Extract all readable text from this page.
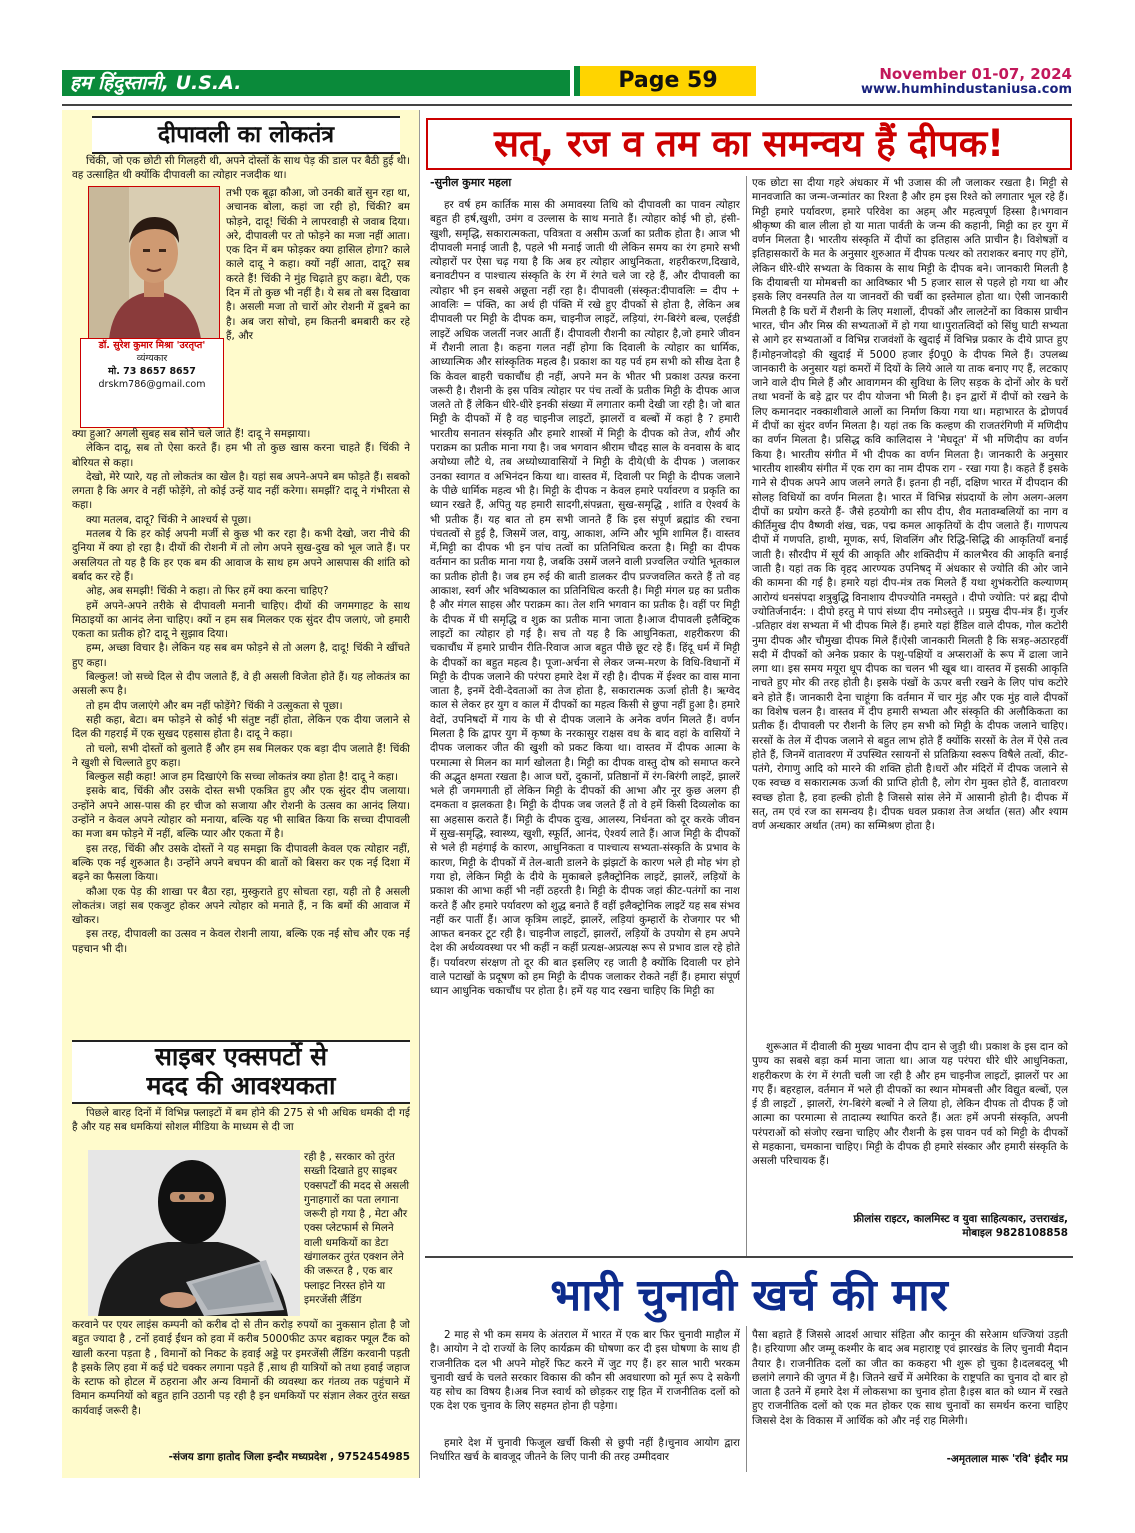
हम हिंदुस्तानी, U.S.A.	Page 59	November 01-07, 2024
www.humhindustaniusa.com
दीपावली का लोकतंत्र

चिंकी, जो एक छोटी सी गिलहरी थी, अपने दोस्तों के साथ पेड़ की डाल पर बैठी हुई थी। वह उत्साहित थी क्योंकि दीपावली का त्योहार नजदीक था।

तभी एक बूढ़ा कौआ, जो उनकी बातें सुन रहा था, अचानक बोला, कहां जा रही हो, चिंकी? बम फोड़ने, दादू! चिंकी ने लापरवाही से जवाब दिया। अरे, दीपावली पर तो फोड़ने का मजा नहीं आता। एक दिन में बम फोड़कर क्या हासिल होगा? काले काले दादू ने कहा। क्यों नहीं आता, दादू? सब करते हैं! चिंकी ने मुंह चिढ़ाते हुए कहा। बेटी, एक दिन में तो कुछ भी नहीं है। ये सब तो बस दिखावा है। असली मजा तो चारों ओर रोशनी में डूबने का है। अब जरा सोचो, हम कितनी बमबारी कर रहे हैं, और

डॉ. सुरेश कुमार मिश्रा 'उरतृप्त'
व्यंग्यकार
मो. 73 8657 8657
drskm786@gmail.com

क्या हुआ? अगली सुबह सब सोने चले जाते हैं! दादू ने समझाया।

लेकिन दादू, सब तो ऐसा करते हैं। हम भी तो कुछ खास करना चाहते हैं। चिंकी ने बोरियत से कहा।

देखो, मेरे प्यारे, यह तो लोकतंत्र का खेल है। यहां सब अपने-अपने बम फोड़ते हैं। सबको लगता है कि अगर वे नहीं फोड़ेंगे, तो कोई उन्हें याद नहीं करेगा। समझीं? दादू ने गंभीरता से कहा।

क्या मतलब, दादू? चिंकी ने आश्चर्य से पूछा।

मतलब ये कि हर कोई अपनी मर्जी से कुछ भी कर रहा है। कभी देखो, जरा नीचे की दुनिया में क्या हो रहा है। दीयों की रोशनी में तो लोग अपने सुख-दुख को भूल जाते हैं। पर असलियत तो यह है कि हर एक बम की आवाज के साथ हम अपने आसपास की शांति को बर्बाद कर रहे हैं।

ओह, अब समझी! चिंकी ने कहा। तो फिर हमें क्या करना चाहिए?

हमें अपने-अपने तरीके से दीपावली मनानी चाहिए। दीयों की जगमगाहट के साथ मिठाइयों का आनंद लेना चाहिए। क्यों न हम सब मिलकर एक सुंदर दीप जलाएं, जो हमारी एकता का प्रतीक हो? दादू ने सुझाव दिया।

हम्म, अच्छा विचार है। लेकिन यह सब बम फोड़ने से तो अलग है, दादू! चिंकी ने खींचते हुए कहा।

बिल्कुल! जो सच्चे दिल से दीप जलाते हैं, वे ही असली विजेता होते हैं। यह लोकतंत्र का असली रूप है।

तो हम दीप जलाएंगे और बम नहीं फोड़ेंगे? चिंकी ने उत्सुकता से पूछा।

सही कहा, बेटा। बम फोड़ने से कोई भी संतुष्ट नहीं होता, लेकिन एक दीया जलाने से दिल की गहराई में एक सुखद एहसास होता है। दादू ने कहा।

तो चलो, सभी दोस्तों को बुलाते हैं और हम सब मिलकर एक बड़ा दीप जलाते हैं! चिंकी ने खुशी से चिल्लाते हुए कहा।

बिल्कुल सही कहा! आज हम दिखाएंगे कि सच्चा लोकतंत्र क्या होता है! दादू ने कहा।

इसके बाद, चिंकी और उसके दोस्त सभी एकत्रित हुए और एक सुंदर दीप जलाया। उन्होंने अपने आस-पास की हर चीज को सजाया और रोशनी के उत्सव का आनंद लिया। उन्होंने न केवल अपने त्योहार को मनाया, बल्कि यह भी साबित किया कि सच्चा दीपावली का मजा बम फोड़ने में नहीं, बल्कि प्यार और एकता में है।

इस तरह, चिंकी और उसके दोस्तों ने यह समझा कि दीपावली केवल एक त्योहार नहीं, बल्कि एक नई शुरुआत है। उन्होंने अपने बचपन की बातों को बिसरा कर एक नई दिशा में बढ़ने का फैसला किया।

कौआ एक पेड़ की शाखा पर बैठा रहा, मुस्कुराते हुए सोचता रहा, यही तो है असली लोकतंत्र। जहां सब एकजुट होकर अपने त्योहार को मनाते हैं, न कि बमों की आवाज में खोकर।

इस तरह, दीपावली का उत्सव न केवल रोशनी लाया, बल्कि एक नई सोच और एक नई पहचान भी दी।

साइबर एक्सपर्टो से
मदद की आवश्यकता

पिछले बारह दिनों में विभिन्न फ्लाइटों में बम होने की 275 से भी अधिक धमकी दी गई है और यह सब धमकियां सोशल मीडिया के माध्यम से दी जा

रही है , सरकार को तुरंत सख्ती दिखाते हुए साइबर एक्सपर्टों की मदद से असली गुनाहगारों का पता लगाना जरूरी हो गया है , मेटा और एक्स प्लेटफार्म से मिलने वाली धमकियों का डेटा खंगालकर तुरंत एक्शन लेने की जरूरत है , एक बार फ्लाइट निरस्त होने या इमरजेंसी लैंडिंग

करवाने पर एयर लाइंस कम्पनी को करीब दो से तीन करोड़ रुपयों का नुकसान होता है जो बहुत ज्यादा है , टनों हवाई ईंधन को हवा में करीब 5000फीट ऊपर बहाकर फ्यूल टैंक को खाली करना पड़ता है , विमानों को निकट के हवाई अड्डे पर इमरजेंसी लैंडिंग करवानी पड़ती है इसके लिए हवा में कई घंटे चक्कर लगाना पड़ते हैं ,साथ ही यात्रियों को तथा हवाई जहाज के स्टाफ को होटल में ठहराना और अन्य विमानों की व्यवस्था कर गंतव्य तक पहुंचाने में विमान कम्पनियों को बहुत हानि उठानी पड़ रही है इन धमकियों पर संज्ञान लेकर तुरंत सख्त कार्यवाई जरूरी है।

-संजय डागा हातोद जिला इन्दौर मध्यप्रदेश , 9752454985
सत्, रज व तम का समन्वय हैं दीपक!
-सुनील कुमार महला

हर वर्ष हम कार्तिक मास की अमावस्या तिथि को दीपावली का पावन त्योहार बहुत ही हर्ष,खुशी, उमंग व उल्लास के साथ मनाते हैं। त्योहार कोई भी हो, हंसी-खुशी, समृद्धि, सकारात्मकता, पवित्रता व असीम ऊर्जा का प्रतीक होता है। आज भी दीपावली मनाई जाती है, पहले भी मनाई जाती थी लेकिन समय का रंग हमारे सभी त्योहारों पर ऐसा चढ़ गया है कि अब हर त्योहार आधुनिकता, शहरीकरण,दिखावे, बनावटीपन व पाश्चात्य संस्कृति के रंग में रंगते चले जा रहे हैं, और दीपावली का त्योहार भी इन सबसे अछूता नहीं रहा है। दीपावली (संस्कृत:दीपावलिः = दीप + आवलिः = पंक्ति, का अर्थ ही पंक्ति में रखे हुए दीपकों से होता है, लेकिन अब दीपावली पर मिट्टी के दीपक कम, चाइनीज लाइटें, लड़ियां, रंग-बिरंगे बल्ब, एलईडी लाइटें अधिक जलतीं नजर आतीं हैं। दीपावली रौशनी का त्योहार है,जो हमारे जीवन में रौशनी लाता है। कहना गलत नहीं होगा कि दिवाली के त्योहार का धार्मिक, आध्यात्मिक और सांस्कृतिक महत्व है। प्रकाश का यह पर्व हम सभी को सीख देता है कि केवल बाहरी चकाचौंध ही नहीं, अपने मन के भीतर भी प्रकाश उत्पन्न करना जरूरी है। रौशनी के इस पवित्र त्योहार पर पंच तत्वों के प्रतीक मिट्टी के दीपक आज जलते तो हैं लेकिन धीरे-धीरे इनकी संख्या में लगातार कमी देखी जा रही है। जो बात मिट्टी के दीपकों में है वह चाइनीज लाइटों, झालरों व बल्बों में कहां है ? हमारी भारतीय सनातन संस्कृति और हमारे शास्त्रों में मिट्टी के दीपक को तेज, शौर्य और पराक्रम का प्रतीक माना गया है। जब भगवान श्रीराम चौदह साल के वनवास के बाद अयोध्या लौटे थे, तब अध्योध्यावासियों ने मिट्टी के दीये(घी के दीपक ) जलाकर उनका स्वागत व अभिनंदन किया था। वास्तव में, दिवाली पर मिट्टी के दीपक जलाने के पीछे धार्मिक महत्व भी है। मिट्टी के दीपक न केवल हमारे पर्यावरण व प्रकृति का ध्यान रखते हैं, अपितु यह हमारी सादगी,संपन्नता, सुख-समृद्धि , शांति व ऐश्वर्य के भी प्रतीक हैं। यह बात तो हम सभी जानते हैं कि इस संपूर्ण ब्रह्मांड की रचना पंचतत्वों से हुई है, जिसमें जल, वायु, आकाश, अग्नि और भूमि शामिल हैं। वास्तव में,मिट्टी का दीपक भी इन पांच तत्वों का प्रतिनिधित्व करता है। मिट्टी का दीपक वर्तमान का प्रतीक माना गया है, जबकि उसमें जलने वाली प्रज्वलित ज्योति भूतकाल का प्रतीक होती है। जब हम रुई की बाती डालकर दीप प्रज्जवलित करते हैं तो वह आकाश, स्वर्ग और भविष्यकाल का प्रतिनिधित्व करती है। मिट्टी मंगल ग्रह का प्रतीक है और मंगल साहस और पराक्रम का। तेल शनि भगवान का प्रतीक है। वहीं पर मिट्टी के दीपक में घी समृद्धि व शुक्र का प्रतीक माना जाता है।आज दीपावली इलैक्ट्रिक लाइटों का त्योहार हो गई है। सच तो यह है कि आधुनिकता, शहरीकरण की चकाचौंध में हमारे प्राचीन रीति-रिवाज आज बहुत पीछे छूट रहे हैं। हिंदू धर्म में मिट्टी के दीपकों का बहुत महत्व है। पूजा-अर्चना से लेकर जन्म-मरण के विधि-विधानों में मिट्टी के दीपक जलाने की परंपरा हमारे देश में रही है। दीपक में ईश्वर का वास माना जाता है, इनमें देवी-देवताओं का तेज होता है, सकारात्मक ऊर्जा होती है। ऋग्वेद काल से लेकर हर युग व काल में दीपकों का महत्व किसी से छुपा नहीं हुआ है। हमारे वेदों, उपनिषदों में गाय के घी से दीपक जलाने के अनेक वर्णन मिलते हैं। वर्णन मिलता है कि द्वापर युग में कृष्ण के नरकासुर राक्षस वध के बाद वहां के वासियों ने दीपक जलाकर जीत की खुशी को प्रकट किया था। वास्तव में दीपक आत्मा के परमात्मा से मिलन का मार्ग खोलता है। मिट्टी का दीपक वास्तु दोष को समाप्त करने की अद्भुत क्षमता रखता है। आज घरों, दुकानों, प्रतिष्ठानों में रंग-बिरंगी लाइटें, झालरें भले ही जगमगाती हों लेकिन मिट्टी के दीपकों की आभा और नूर कुछ अलग ही दमकता व झलकता है। मिट्टी के दीपक जब जलते हैं तो वे हमें किसी दिव्यलोक का सा अहसास कराते हैं। मिट्टी के दीपक दुःख, आलस्य, निर्धनता को दूर करके जीवन में सुख-समृद्धि, स्वास्थ्य, खुशी, स्फूर्ति, आनंद, ऐश्वर्य लाते हैं। आज मिट्टी के दीपकों से भले ही महंगाई के कारण, आधुनिकता व पाश्चात्य सभ्यता-संस्कृति के प्रभाव के कारण, मिट्टी के दीपकों में तेल-बाती डालने के झंझटों के कारण भले ही मोह भंग हो गया हो, लेकिन मिट्टी के दीये के मुकाबले इलैक्ट्रोनिक लाइटें, झालरें, लड़ियों के प्रकाश की आभा कहीं भी नहीं ठहरती है। मिट्टी के दीपक जहां कीट-पतंगों का नाश करते हैं और हमारे पर्यावरण को शुद्ध बनाते हैं वहीं इलैक्ट्रोनिक लाइटें यह सब संभव नहीं कर पातीं हैं। आज कृत्रिम लाइटें, झालरें, लड़ियां कुम्हारों के रोजगार पर भी आफत बनकर टूट रही है। चाइनीज लाइटों, झालरों, लड़ियों के उपयोग से हम अपने देश की अर्थव्यवस्था पर भी कहीं न कहीं प्रत्यक्ष-अप्रत्यक्ष रूप से प्रभाव डाल रहे होते हैं। पर्यावरण संरक्षण तो दूर की बात इसलिए रह जाती है क्योंकि दिवाली पर होने वाले पटाखों के प्रदूषण को हम मिट्टी के दीपक जलाकर रोकते नहीं हैं। हमारा संपूर्ण ध्यान आधुनिक चकाचौंध पर होता है। हमें यह याद रखना चाहिए कि मिट्टी का

एक छोटा सा दीया गहरे अंधकार में भी उजास की लौ जलाकर रखता है। मिट्टी से मानवजाति का जन्म-जन्मांतर का रिश्ता है और हम इस रिश्ते को लगातार भूल रहे हैं। मिट्टी हमारे पर्यावरण, हमारे परिवेश का अहम् और महत्वपूर्ण हिस्सा है।भगवान श्रीकृष्ण की बाल लीला हो या माता पार्वती के जन्म की कहानी, मिट्टी का हर युग में वर्णन मिलता है। भारतीय संस्कृति में दीपों का इतिहास अति प्राचीन है। विशेषज्ञों व इतिहासकारों के मत के अनुसार शुरुआत में दीपक पत्थर को तराशकर बनाए गए होंगे, लेकिन धीरे-धीरे सभ्यता के विकास के साथ मिट्टी के दीपक बने। जानकारी मिलती है कि दीयाबत्ती या मोमबत्ती का आविष्कार भी 5 हजार साल से पहले हो गया था और इसके लिए वनस्पति तेल या जानवरों की चर्बी का इस्तेमाल होता था। ऐसी जानकारी मिलती है कि घरों में रौशनी के लिए मशालों, दीपकों और लालटेनों का विकास प्राचीन भारत, चीन और मिस्र की सभ्यताओं में हो गया था।पुरातत्विदों को सिंधु घाटी सभ्यता से आगे हर सभ्यताओं व विभिन्न राजवंशों के खुदाई में विभिन्न प्रकार के दीये प्राप्त हुए हैं।मोहनजोदड़ो की खुदाई में 5000 हजार ई0पू0 के दीपक मिले हैं। उपलब्ध जानकारी के अनुसार यहां कमरों में दियों के लिये आले या ताक बनाए गए हैं, लटकाए जाने वाले दीप मिले हैं और आवागमन की सुविधा के लिए सड़क के दोनों ओर के घरों तथा भवनों के बड़े द्वार पर दीप योजना भी मिली है। इन द्वारों में दीपों को रखने के लिए कमानदार नक्काशीवाले आलों का निर्माण किया गया था। महाभारत के द्रोणपर्व में दीपों का सुंदर वर्णन मिलता है। यहां तक कि कल्हण की राजतरंगिणी में मणिदीप का वर्णन मिलता है। प्रसिद्ध कवि कालिदास ने 'मेघदूत' में भी मणिदीप का वर्णन किया है। भारतीय संगीत में भी दीपक का वर्णन मिलता है। जानकारी के अनुसार भारतीय शास्त्रीय संगीत में एक राग का नाम दीपक राग - रखा गया है। कहते हैं इसके गाने से दीपक अपने आप जलने लगते हैं। इतना ही नहीं, दक्षिण भारत में दीपदान की सोलह विधियों का वर्णन मिलता है। भारत में विभिन्न संप्रदायों के लोग अलग-अलग दीपों का प्रयोग करते हैं- जैसे हठयोगी का सीप दीप, शैव मतावम्बलियों का नाग व कीर्तिमुख दीप वैष्णवी शंख, चक्र, पद्म कमल आकृतियों के दीप जलाते हैं। गाणपत्य दीपों में गणपति, हाथी, मूणक, सर्प, शिवलिंग और रिद्धि-सिद्धि की आकृतियाँ बनाई जाती है। सौरदीप में सूर्य की आकृति और शक्तिदीप में कालभैरव की आकृति बनाई जाती है। यहां तक कि वृहद आरण्यक उपनिषद् में अंधकार से ज्योति की ओर जाने की कामना की गई है। हमारे यहां दीप-मंत्र तक मिलते हैं यथा शुभंकरोति कल्याणम् आरोग्यं धनसंपदा शत्रुबुद्धि विनाशाय दीपज्योति नमस्तुते । दीपो ज्योति: परं ब्रह्म दीपो ज्योतिर्जनार्दन: । दीपो हरतु मे पापं संध्या दीप नमोऽस्तुते ।। प्रमुख दीप-मंत्र हैं। गुर्जर -प्रतिहार वंश सभ्यता में भी दीपक मिले हैं। हमारे यहां हैंडिल वाले दीपक, गोल कटोरी नुमा दीपक और चौमुखा दीपक मिले हैं।ऐसी जानकारी मिलती है कि सत्रह-अठारहवीं सदी में दीपकों को अनेक प्रकार के पशु-पक्षियों व अप्सराओं के रूप में ढाला जाने लगा था। इस समय मयूरा धूप दीपक का चलन भी खूब था। वास्तव में इसकी आकृति नाचते हुए मोर की तरह होती है। इसके पंखों के ऊपर बत्ती रखने के लिए पांच कटोरे बने होते हैं। जानकारी देना चाहूंगा कि वर्तमान में चार मुंह और एक मुंह वाले दीपकों का विशेष चलन है। वास्तव में दीप हमारी सभ्यता और संस्कृति की अलौकिकता का प्रतीक हैं। दीपावली पर रौशनी के लिए हम सभी को मिट्टी के दीपक जलाने चाहिए। सरसों के तेल में दीपक जलाने से बहुत लाभ होते हैं क्योंकि सरसों के तेल में ऐसे तत्व होते हैं, जिनमें वातावरण में उपस्थित रसायनों से प्रतिक्रिया स्वरूप विषैले तत्वों, कीट-पतंगे, रोगाणु आदि को मारने की शक्ति होती है।घरों और मंदिरों में दीपक जलाने से एक स्वच्छ व सकारात्मक ऊर्जा की प्राप्ति होती है, लोग रोग मुक्त होते हैं, वातावरण स्वच्छ होता है, हवा हल्की होती है जिससे सांस लेने में आसानी होती है। दीपक में सत्, तम एवं रज का समन्वय है। दीपक धवल प्रकाश तेज अर्थात (सत) और श्याम वर्ण अन्धकार अर्थात (तम) का सम्मिश्रण होता है।

शुरूआत में दीवाली की मुख्य भावना दीप दान से जुड़ी थी। प्रकाश के इस दान को पुण्य का सबसे बड़ा कर्म माना जाता था। आज यह परंपरा धीरे धीरे आधुनिकता, शहरीकरण के रंग में रंगती चली जा रही है और हम चाइनीज लाइटों, झालरों पर आ गए हैं। बहरहाल, वर्तमान में भले ही दीपकों का स्थान मोमबत्ती और विद्युत बल्बों, एल ई डी लाइटों , झालरों, रंग-बिरंगे बल्बों ने ले लिया हो, लेकिन दीपक तो दीपक हैं जो आत्मा का परमात्मा से तादात्म्य स्थापित करते हैं। अतः हमें अपनी संस्कृति, अपनी परंपराओं को संजोए रखना चाहिए और रौशनी के इस पावन पर्व को मिट्टी के दीपकों से महकाना, चमकाना चाहिए। मिट्टी के दीपक ही हमारे संस्कार और हमारी संस्कृति के असली परिचायक हैं।

फ्रीलांस राइटर, कालमिस्ट व युवा साहित्यकार, उत्तराखंड,
मोबाइल 9828108858
भारी चुनावी खर्च की मार

2 माह से भी कम समय के अंतराल में भारत में एक बार फिर चुनावी माहौल में है। आयोग ने दो राज्यों के लिए कार्यक्रम की घोषणा कर दी इस घोषणा के साथ ही राजनीतिक दल भी अपने मोहरें फिट करने में जुट गए हैं। हर साल भारी भरकम चुनावी खर्च के चलते सरकार विकास की कौन सी अवधारणा को मूर्त रूप दे सकेगी यह सोच का विषय है।अब निज स्वार्थ को छोड़कर राष्ट्र हित में राजनीतिक दलों को एक देश एक चुनाव के लिए सहमत होना ही पड़ेगा।

हमारे देश में चुनावी फिजूल खर्ची किसी से छुपी नहीं है।चुनाव आयोग द्वारा निर्धारित खर्च के बावजूद जीतने के लिए पानी की तरह उम्मीदवार

पैसा बहाते हैं जिससे आदर्श आचार संहिता और कानून की सरेआम धज्जियां उड़ती है। हरियाणा और जम्मू कश्मीर के बाद अब महाराष्ट्र एवं झारखंड के लिए चुनावी मैदान तैयार है। राजनीतिक दलों का जीत का ककहरा भी शुरू हो चुका है।दलबदलू भी छलांगे लगाने की जुगत में है। जितने खर्चे में अमेरिका के राष्ट्रपति का चुनाव दो बार हो जाता है उतने में हमारे देश में लोकसभा का चुनाव होता है।इस बात को ध्यान में रखते हुए राजनीतिक दलों को एक मत होकर एक साथ चुनावों का समर्थन करना चाहिए जिससे देश के विकास में आर्थिक को और नई राह मिलेगी।

-अमृतलाल मारू 'रवि' इंदौर मप्र
